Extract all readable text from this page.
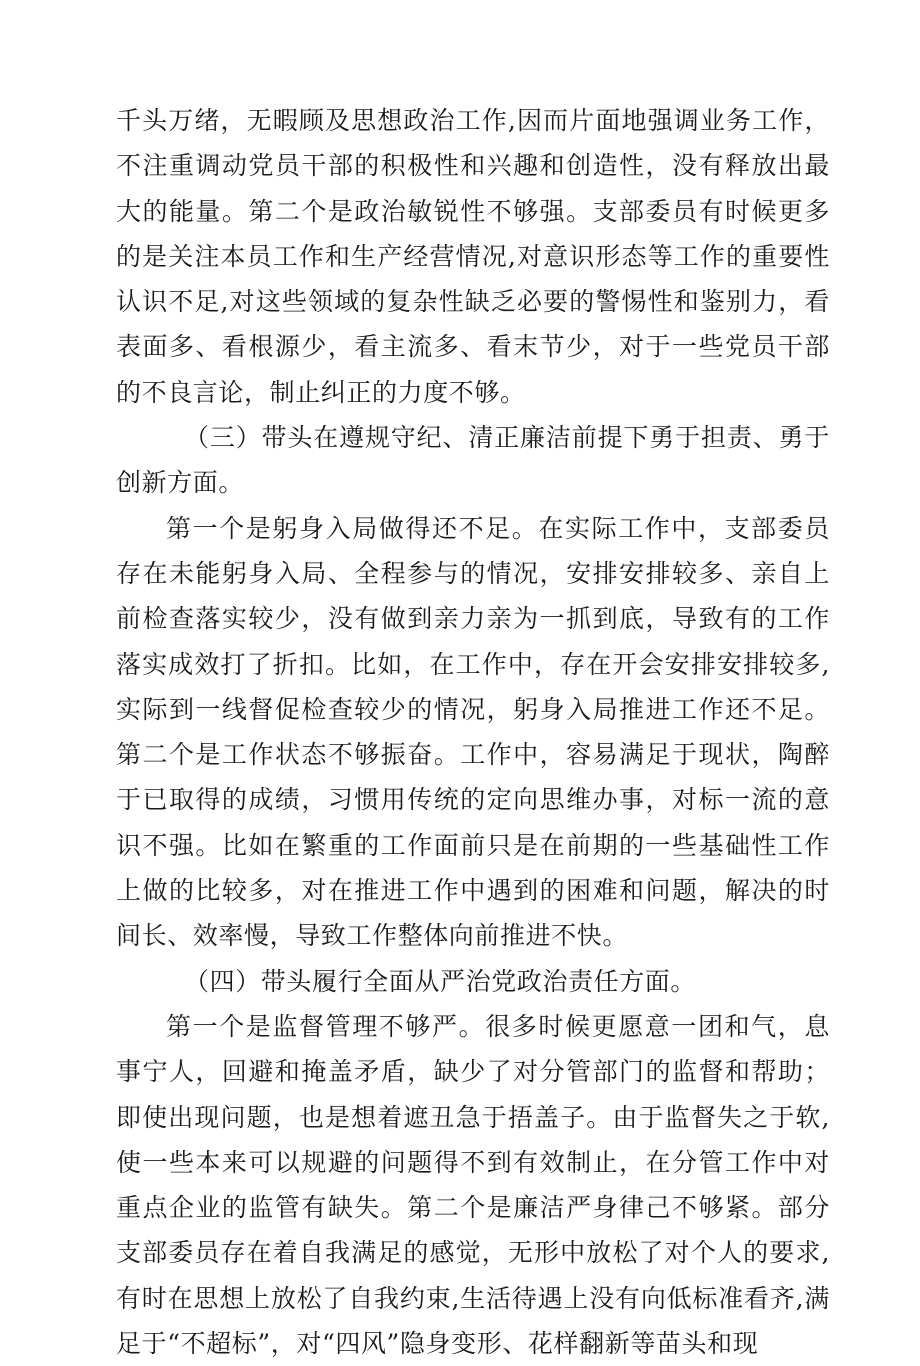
千头万绪，无暇顾及思想政治工作,因而片面地强调业务工作，不注重调动党员干部的积极性和兴趣和创造性，没有释放出最大的能量。第二个是政治敏锐性不够强。支部委员有时候更多的是关注本员工作和生产经营情况,对意识形态等工作的重要性认识不足,对这些领域的复杂性缺乏必要的警惕性和鉴别力，看表面多、看根源少，看主流多、看末节少，对于一些党员干部的不良言论，制止纠正的力度不够。

（三）带头在遵规守纪、清正廉洁前提下勇于担责、勇于创新方面。

第一个是躬身入局做得还不足。在实际工作中，支部委员存在未能躬身入局、全程参与的情况，安排安排较多、亲自上前检查落实较少，没有做到亲力亲为一抓到底，导致有的工作落实成效打了折扣。比如，在工作中，存在开会安排安排较多,实际到一线督促检查较少的情况，躬身入局推进工作还不足。第二个是工作状态不够振奋。工作中，容易满足于现状，陶醉于已取得的成绩，习惯用传统的定向思维办事，对标一流的意识不强。比如在繁重的工作面前只是在前期的一些基础性工作上做的比较多，对在推进工作中遇到的困难和问题，解决的时间长、效率慢，导致工作整体向前推进不快。

（四）带头履行全面从严治党政治责任方面。

第一个是监督管理不够严。很多时候更愿意一团和气，息事宁人，回避和掩盖矛盾，缺少了对分管部门的监督和帮助；即使出现问题，也是想着遮丑急于捂盖子。由于监督失之于软,使一些本来可以规避的问题得不到有效制止，在分管工作中对重点企业的监管有缺失。第二个是廉洁严身律己不够紧。部分支部委员存在着自我满足的感觉，无形中放松了对个人的要求,有时在思想上放松了自我约束,生活待遇上没有向低标准看齐,满足于“不超标”，对“四风”隐身变形、花样翻新等苗头和现
